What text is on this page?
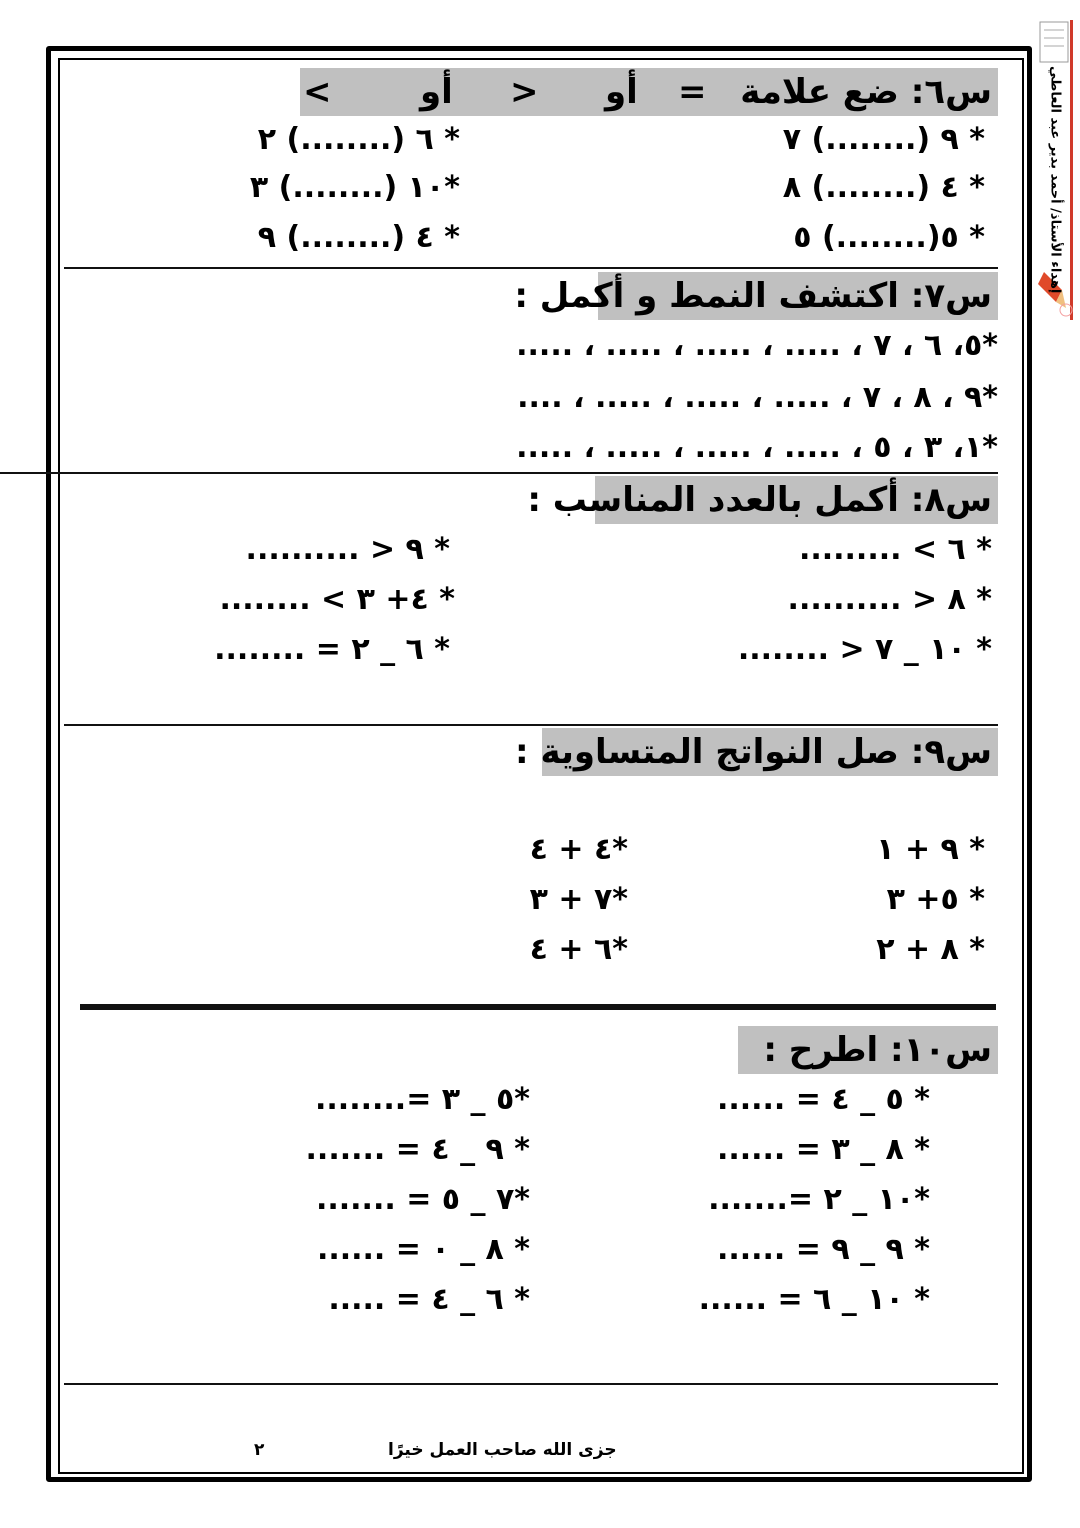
إهداء الأستاذ/ أحمد بدير عبد العاطي
س٦: ضع علامة
=
أو
>
أو
<
* ٩ (........) ٧
* ٤ (........) ٨
* ٥(........) ٥
* ٦ (........) ٢
*١٠ (........) ٣
* ٤ (........) ٩
س٧: اكتشف النمط و أكمل :
*٥، ٦ ، ٧ ، ..... ، ..... ، ..... ، .....
*٩ ، ٨ ، ٧ ، ..... ، ..... ، ..... ، ....
*١، ٣ ، ٥ ، ..... ، ..... ، ..... ، .....
س٨: أكمل بالعدد المناسب :
* ٦ > .........
* ٨ < ..........
* ١٠ _ ٧ < ........
* ٩ < ..........
* ٤+ ٣ > ........
* ٦ _ ٢ = ........
س٩: صل النواتج المتساوية :
* ٩ + ١
* ٥+ ٣
* ٨ + ٢
*٤ + ٤
*٧ + ٣
*٦ + ٤
س١٠: اطرح :
* ٥ _ ٤ = ......
* ٨ _ ٣ = ......
*١٠ _ ٢ =.......
* ٩ _ ٩ = ......
* ١٠ _ ٦ = ......
*٥ _ ٣ =........
* ٩ _ ٤ = .......
*٧ _ ٥ = .......
* ٨ _ ٠ = ......
* ٦ _ ٤ = .....
جزى الله صاحب العمل خيرًا
٢
